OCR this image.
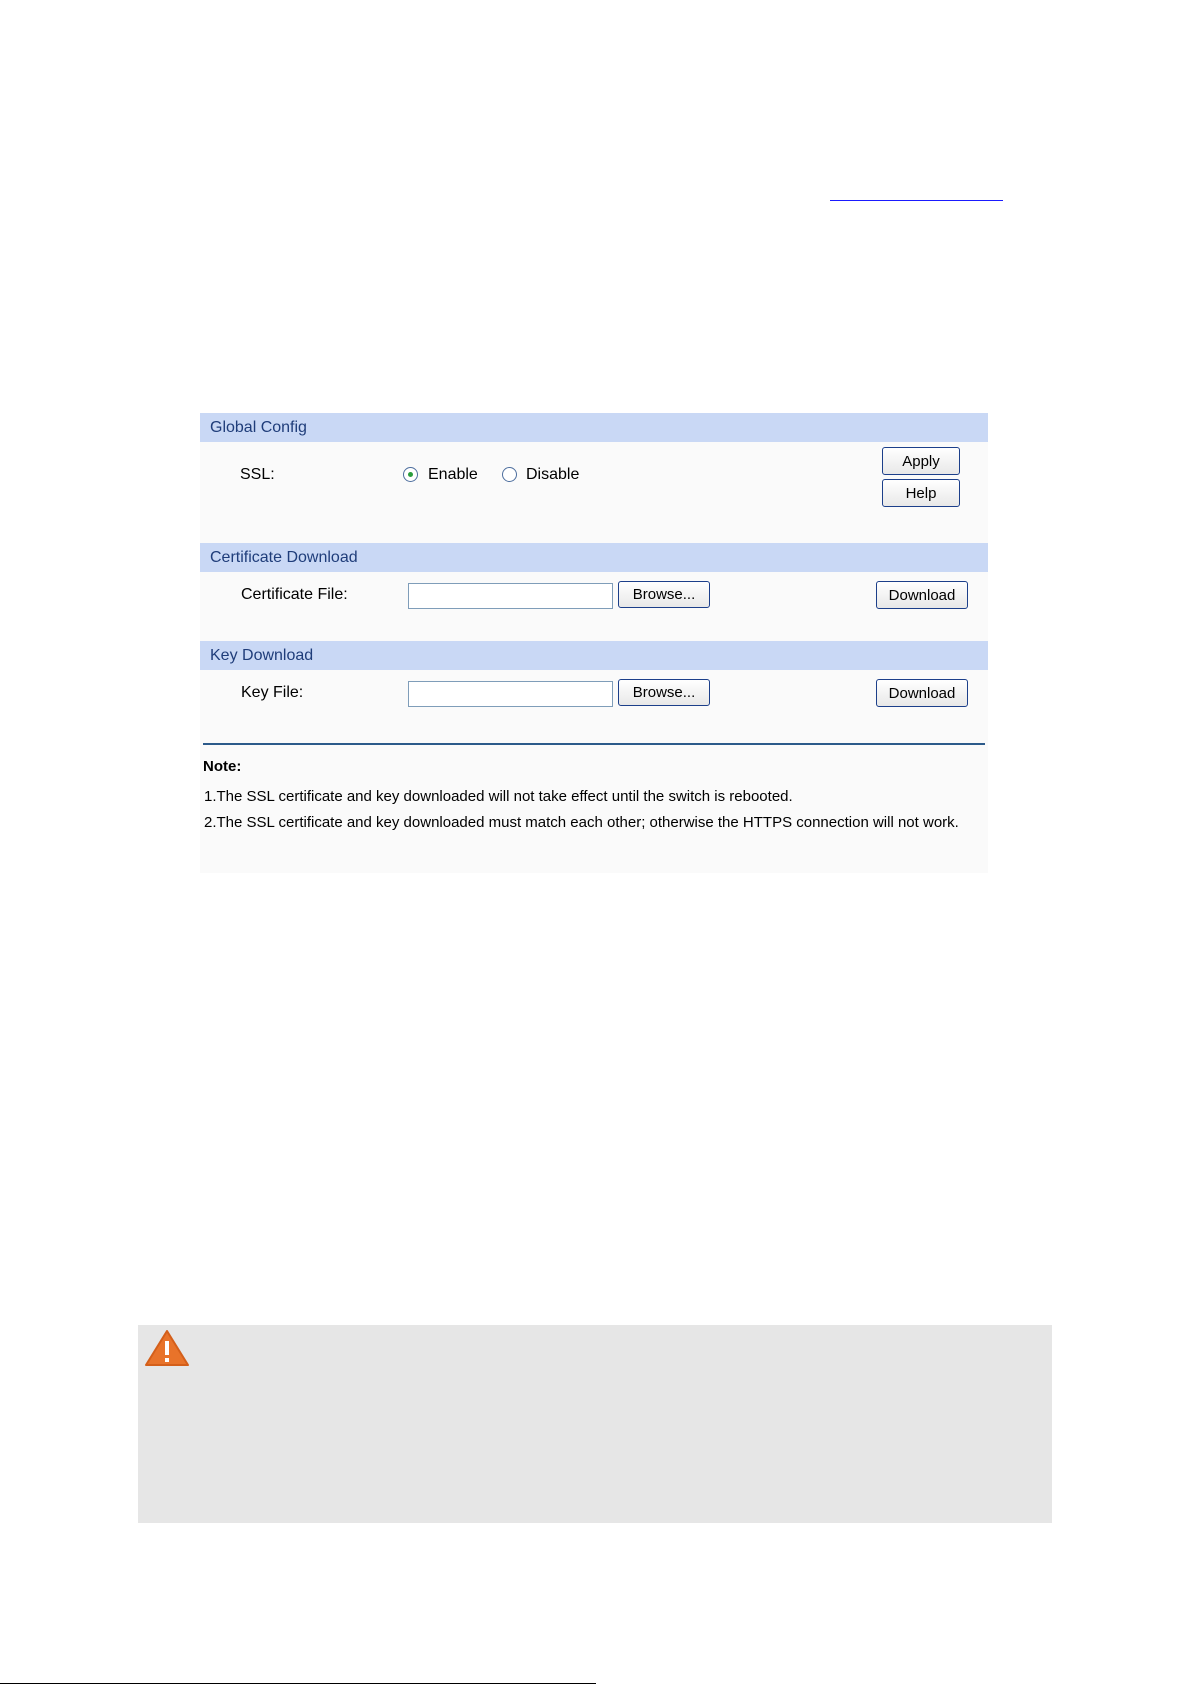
Global Config
SSL:	Enable	Disable
Apply
Help
Certificate Download
Certificate File:	Browse...	Download
Key Download
Key File:	Browse...	Download
Note:
1.The SSL certificate and key downloaded will not take effect until the switch is rebooted.
2.The SSL certificate and key downloaded must match each other; otherwise the HTTPS connection will not work.
